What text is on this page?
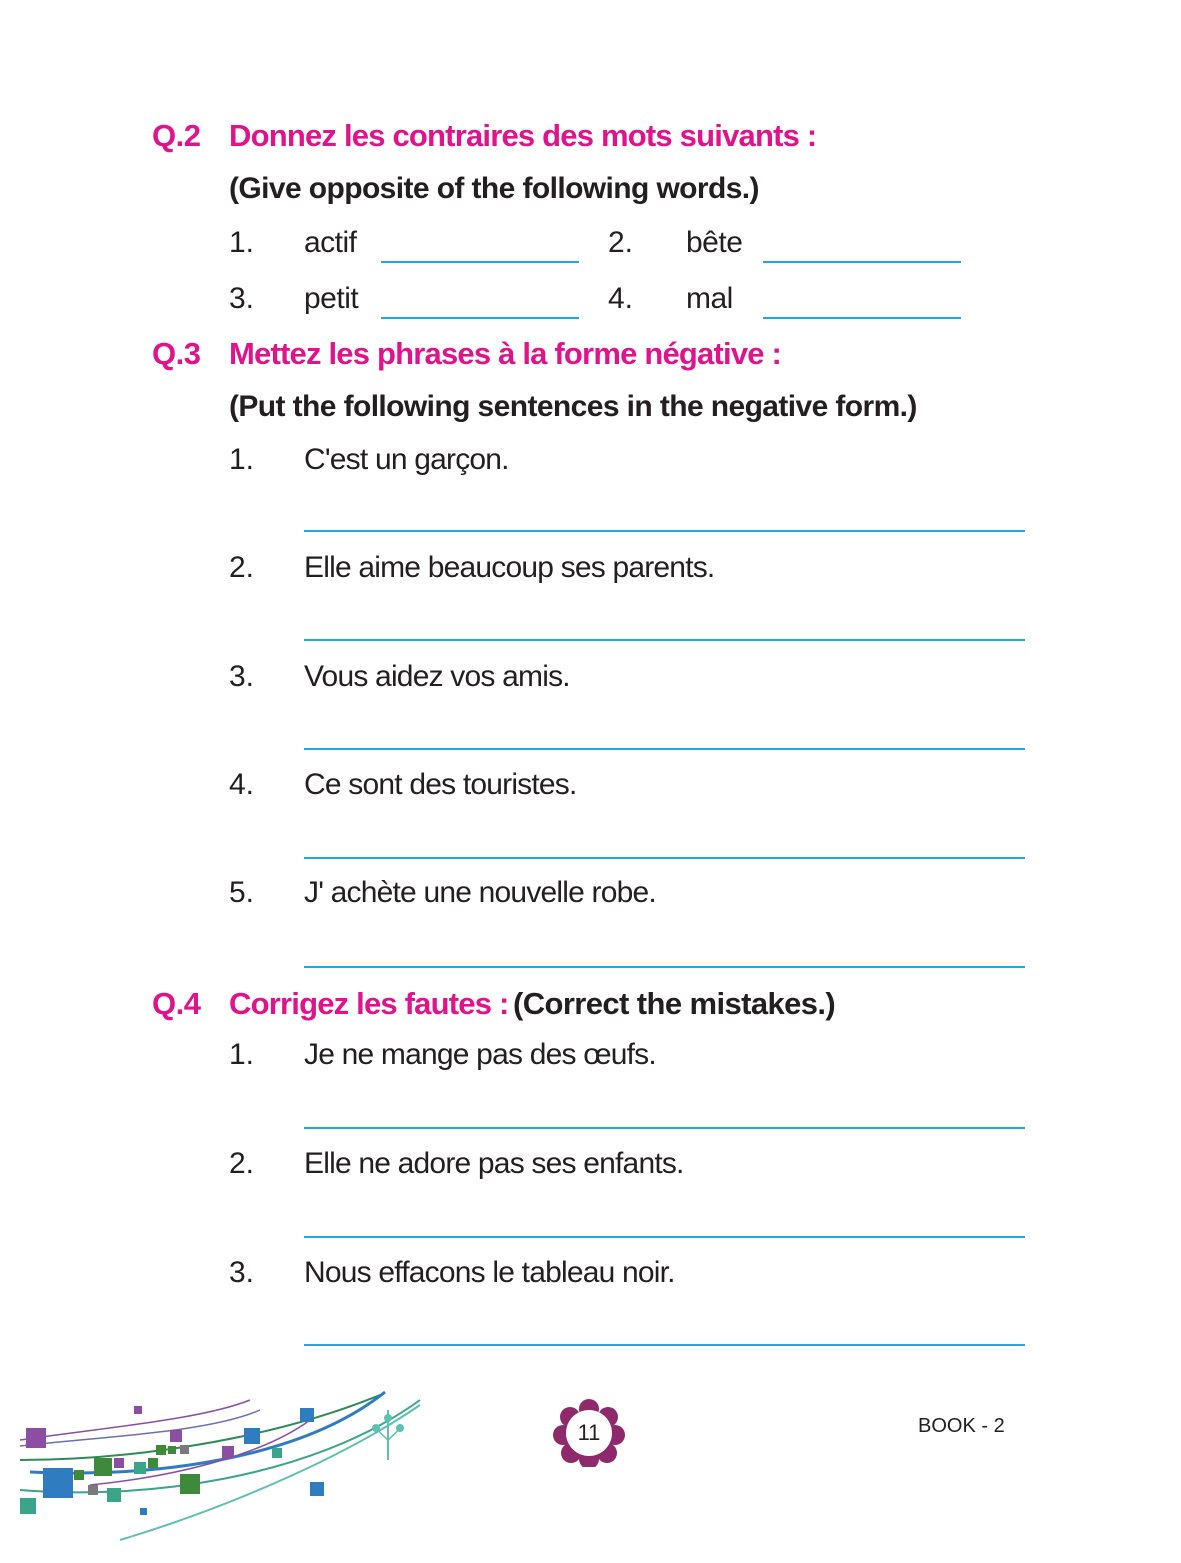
Q.2 Donnez les contraires des mots suivants :
(Give opposite of the following words.)
1. actif	2. bête
3. petit	4. mal
Q.3 Mettez les phrases à la forme négative :
(Put the following sentences in the negative form.)
1. C'est un garçon.
2. Elle aime beaucoup ses parents.
3. Vous aidez vos amis.
4. Ce sont des touristes.
5. J' achète une nouvelle robe.
Q.4 Corrigez les fautes : (Correct the mistakes.)
1. Je ne mange pas des œufs.
2. Elle ne adore pas ses enfants.
3. Nous effacons le tableau noir.
11	BOOK - 2
